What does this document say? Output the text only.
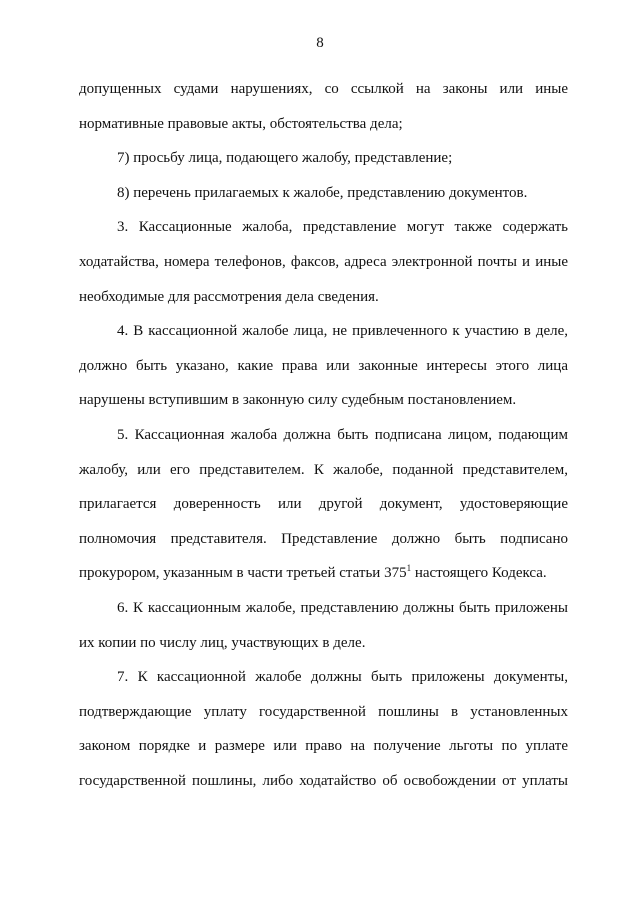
8

допущенных судами нарушениях, со ссылкой на законы или иные
нормативные правовые акты, обстоятельства дела;

7) просьбу лица, подающего жалобу, представление;

8) перечень прилагаемых к жалобе, представлению документов.

3. Кассационные жалоба, представление могут также содержать
ходатайства, номера телефонов, факсов, адреса электронной почты и иные
необходимые для рассмотрения дела сведения.

4. В кассационной жалобе лица, не привлеченного к участию в деле,
должно быть указано, какие права или законные интересы этого лица
нарушены вступившим в законную силу судебным постановлением.

5. Кассационная жалоба должна быть подписана лицом, подающим
жалобу, или его представителем. К жалобе, поданной представителем,
прилагается доверенность или другой документ, удостоверяющие
полномочия представителя. Представление должно быть подписано
прокурором, указанным в части третьей статьи $375^1$ настоящего Кодекса.

6. К кассационным жалобе, представлению должны быть приложены
их копии по числу лиц, участвующих в деле.

7. К кассационной жалобе должны быть приложены документы,
подтверждающие уплату государственной пошлины в установленных
законом порядке и размере или право на получение льготы по уплате
государственной пошлины, либо ходатайство об освобождении от уплаты
